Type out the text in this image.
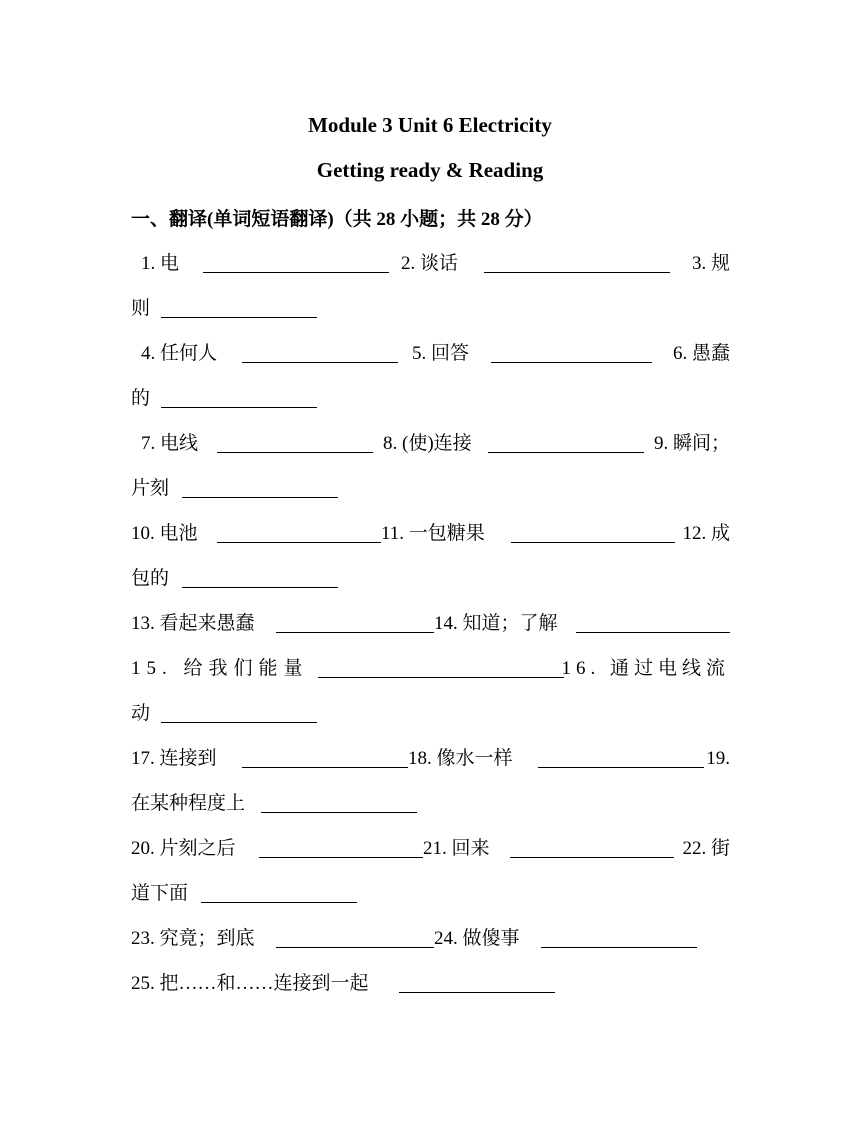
Module 3 Unit 6 Electricity
Getting ready & Reading
一、翻译(单词短语翻译)（共 28 小题；共 28 分）
1. 电	2. 谈话	3. 规
则
4. 任何人	5. 回答	6. 愚蠢
的
7. 电线	8. (使)连接	9. 瞬间；
片刻
10. 电池	11. 一包糖果	12. 成
包的
13. 看起来愚蠢	14. 知道；了解
15. 给我们能量	16. 通过电线流
动
17. 连接到	18. 像水一样	19.
在某种程度上
20. 片刻之后	21. 回来	22. 街
道下面
23. 究竟；到底	24. 做傻事
25. 把……和……连接到一起
